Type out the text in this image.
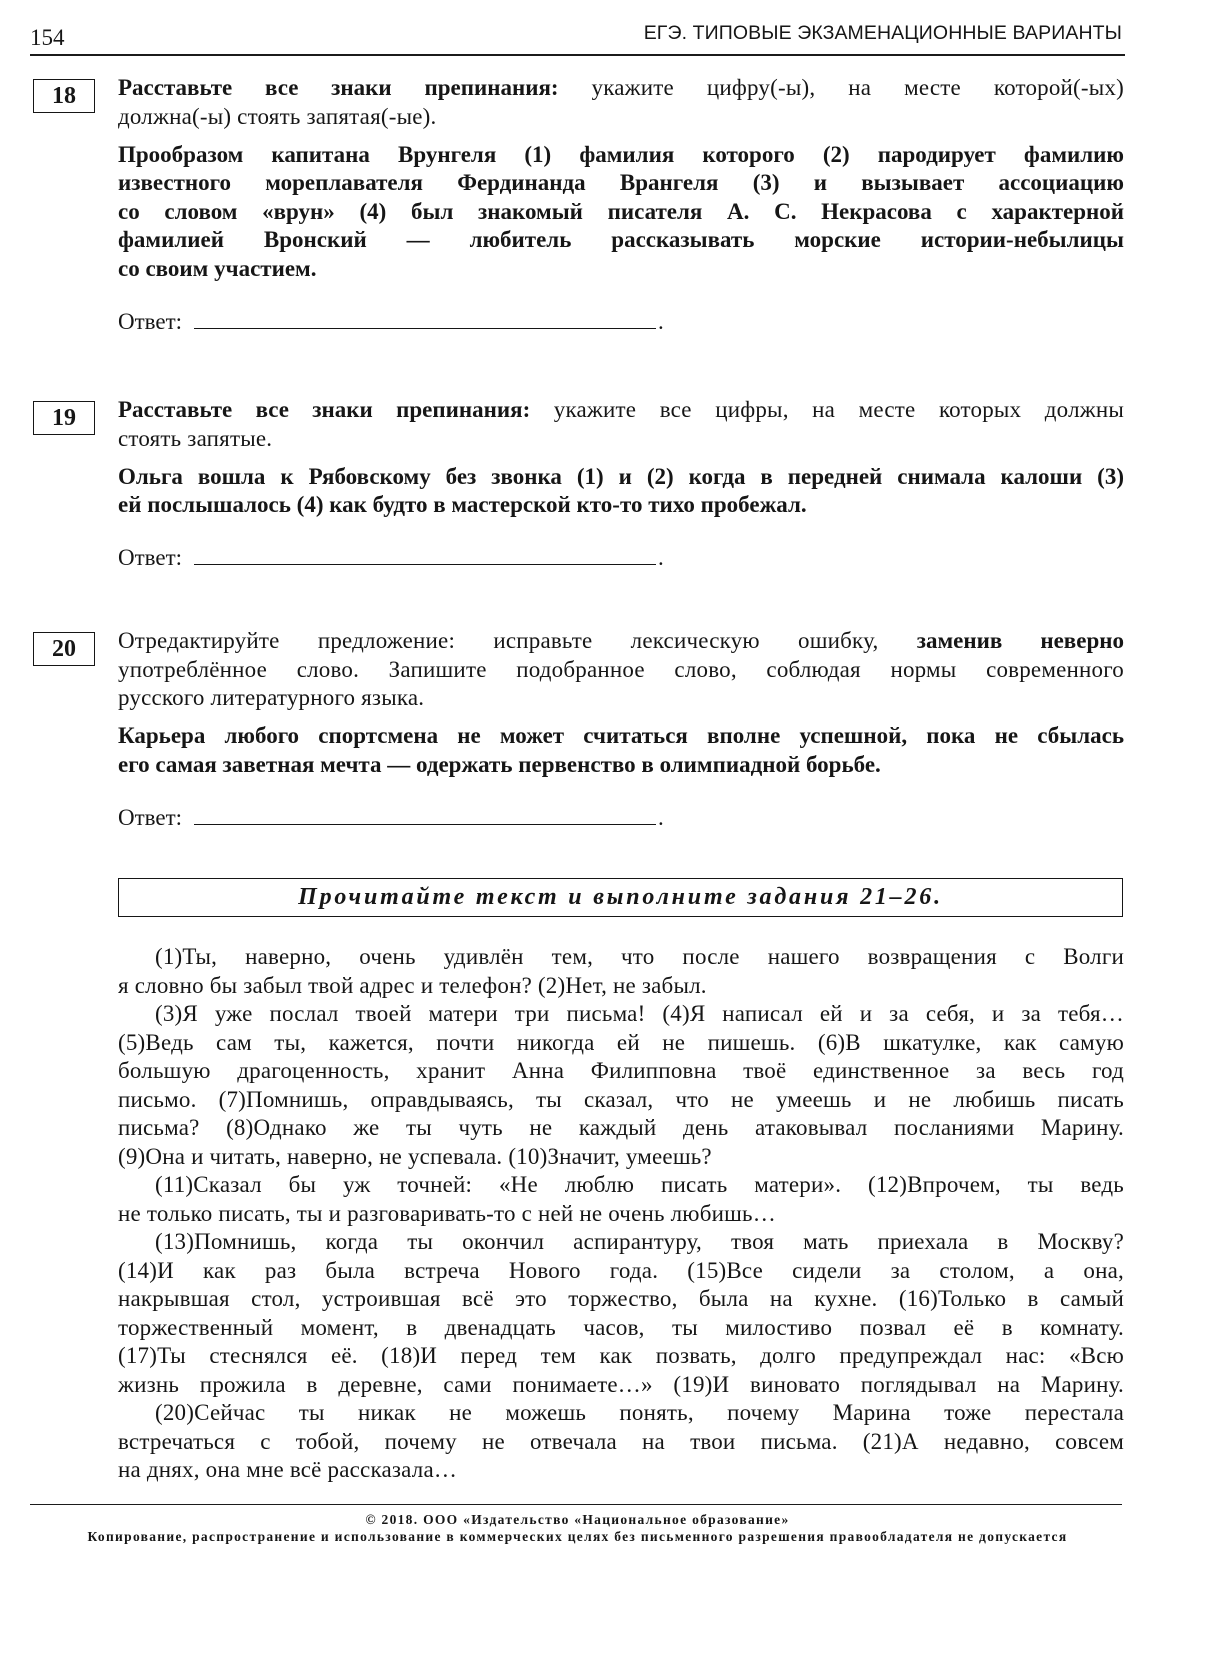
154	ЕГЭ. ТИПОВЫЕ ЭКЗАМЕНАЦИОННЫЕ ВАРИАНТЫ
18	Расставьте все знаки препинания: укажите цифру(-ы), на месте которой(-ых)
должна(-ы) стоять запятая(-ые).
Прообразом капитана Врунгеля (1) фамилия которого (2) пародирует фамилию
известного мореплавателя Фердинанда Врангеля (3) и вызывает ассоциацию
со словом «врун» (4) был знакомый писателя А. С. Некрасова с характерной
фамилией Вронский — любитель рассказывать морские истории-небылицы
со своим участием.
Ответ:	.
19	Расставьте все знаки препинания: укажите все цифры, на месте которых должны
стоять запятые.
Ольга вошла к Рябовскому без звонка (1) и (2) когда в передней снимала калоши (3)
ей послышалось (4) как будто в мастерской кто-то тихо пробежал.
Ответ:	.
20	Отредактируйте предложение: исправьте лексическую ошибку, заменив неверно
употреблённое слово. Запишите подобранное слово, соблюдая нормы современного
русского литературного языка.
Карьера любого спортсмена не может считаться вполне успешной, пока не сбылась
его самая заветная мечта — одержать первенство в олимпиадной борьбе.
Ответ:	.
Прочитайте текст и выполните задания 21–26.
(1)Ты, наверно, очень удивлён тем, что после нашего возвращения с Волги
я словно бы забыл твой адрес и телефон? (2)Нет, не забыл.
(3)Я уже послал твоей матери три письма! (4)Я написал ей и за себя, и за тебя…
(5)Ведь сам ты, кажется, почти никогда ей не пишешь. (6)В шкатулке, как самую
большую драгоценность, хранит Анна Филипповна твоё единственное за весь год
письмо. (7)Помнишь, оправдываясь, ты сказал, что не умеешь и не любишь писать
письма? (8)Однако же ты чуть не каждый день атаковывал посланиями Марину.
(9)Она и читать, наверно, не успевала. (10)Значит, умеешь?
(11)Сказал бы уж точней: «Не люблю писать матери». (12)Впрочем, ты ведь
не только писать, ты и разговаривать-то с ней не очень любишь…
(13)Помнишь, когда ты окончил аспирантуру, твоя мать приехала в Москву?
(14)И как раз была встреча Нового года. (15)Все сидели за столом, а она,
накрывшая стол, устроившая всё это торжество, была на кухне. (16)Только в самый
торжественный момент, в двенадцать часов, ты милостиво позвал её в комнату.
(17)Ты стеснялся её. (18)И перед тем как позвать, долго предупреждал нас: «Всю
жизнь прожила в деревне, сами понимаете…» (19)И виновато поглядывал на Марину.
(20)Сейчас ты никак не можешь понять, почему Марина тоже перестала
встречаться с тобой, почему не отвечала на твои письма. (21)А недавно, совсем
на днях, она мне всё рассказала…
© 2018. ООО «Издательство «Национальное образование»
Копирование, распространение и использование в коммерческих целях без письменного разрешения правообладателя не допускается
